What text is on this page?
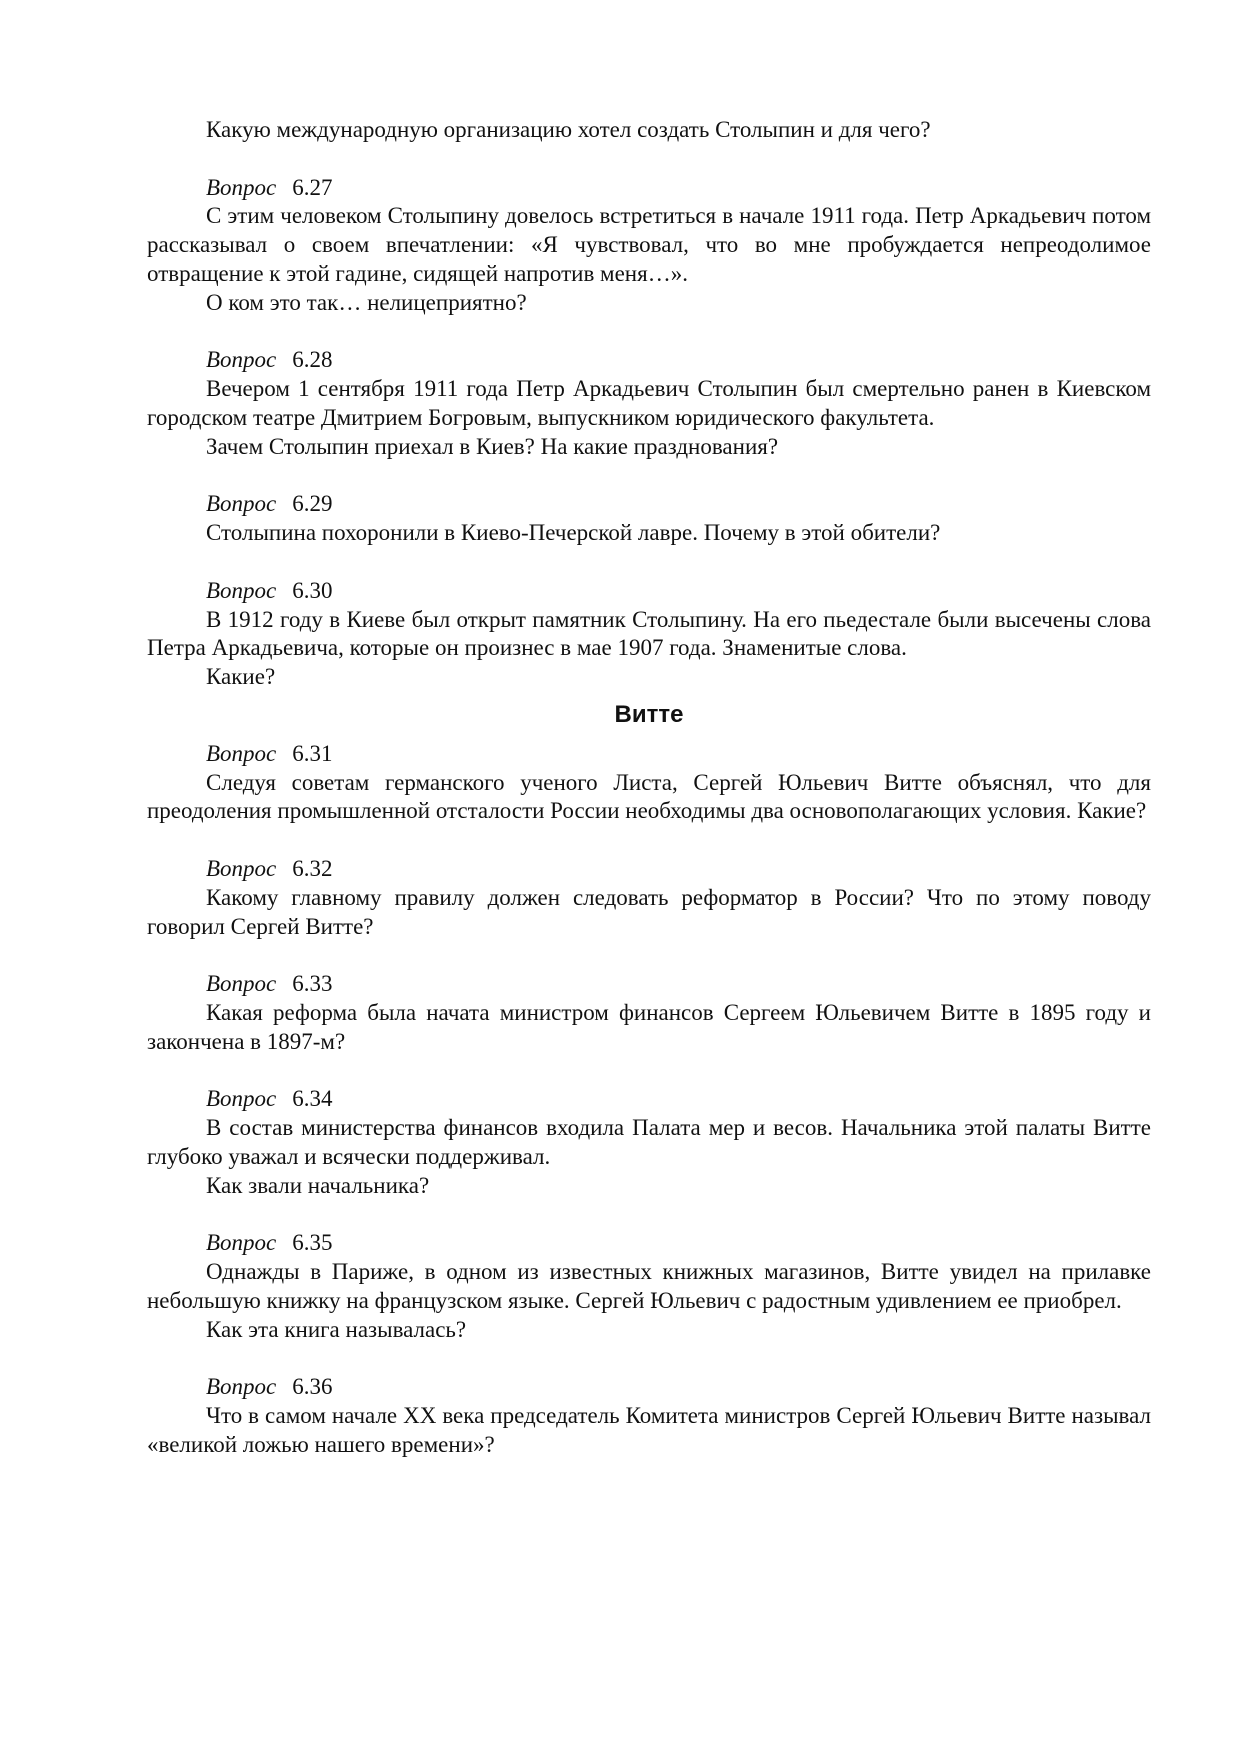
Какую международную организацию хотел создать Столыпин и для чего?

Вопрос 6.27

С этим человеком Столыпину довелось встретиться в начале 1911 года. Петр Аркадьевич потом рассказывал о своем впечатлении: «Я чувствовал, что во мне пробуждается непреодолимое отвращение к этой гадине, сидящей напротив меня…».

О ком это так… нелицеприятно?

Вопрос 6.28

Вечером 1 сентября 1911 года Петр Аркадьевич Столыпин был смертельно ранен в Киевском городском театре Дмитрием Богровым, выпускником юридического факультета.

Зачем Столыпин приехал в Киев? На какие празднования?

Вопрос 6.29

Столыпина похоронили в Киево-Печерской лавре. Почему в этой обители?

Вопрос 6.30

В 1912 году в Киеве был открыт памятник Столыпину. На его пьедестале были высечены слова Петра Аркадьевича, которые он произнес в мае 1907 года. Знаменитые слова.

Какие?

Витте

Вопрос 6.31

Следуя советам германского ученого Листа, Сергей Юльевич Витте объяснял, что для преодоления промышленной отсталости России необходимы два основополагающих условия. Какие?

Вопрос 6.32

Какому главному правилу должен следовать реформатор в России? Что по этому поводу говорил Сергей Витте?

Вопрос 6.33

Какая реформа была начата министром финансов Сергеем Юльевичем Витте в 1895 году и закончена в 1897-м?

Вопрос 6.34

В состав министерства финансов входила Палата мер и весов. Начальника этой палаты Витте глубоко уважал и всячески поддерживал.

Как звали начальника?

Вопрос 6.35

Однажды в Париже, в одном из известных книжных магазинов, Витте увидел на прилавке небольшую книжку на французском языке. Сергей Юльевич с радостным удивлением ее приобрел.

Как эта книга называлась?

Вопрос 6.36

Что в самом начале XX века председатель Комитета министров Сергей Юльевич Витте называл «великой ложью нашего времени»?
